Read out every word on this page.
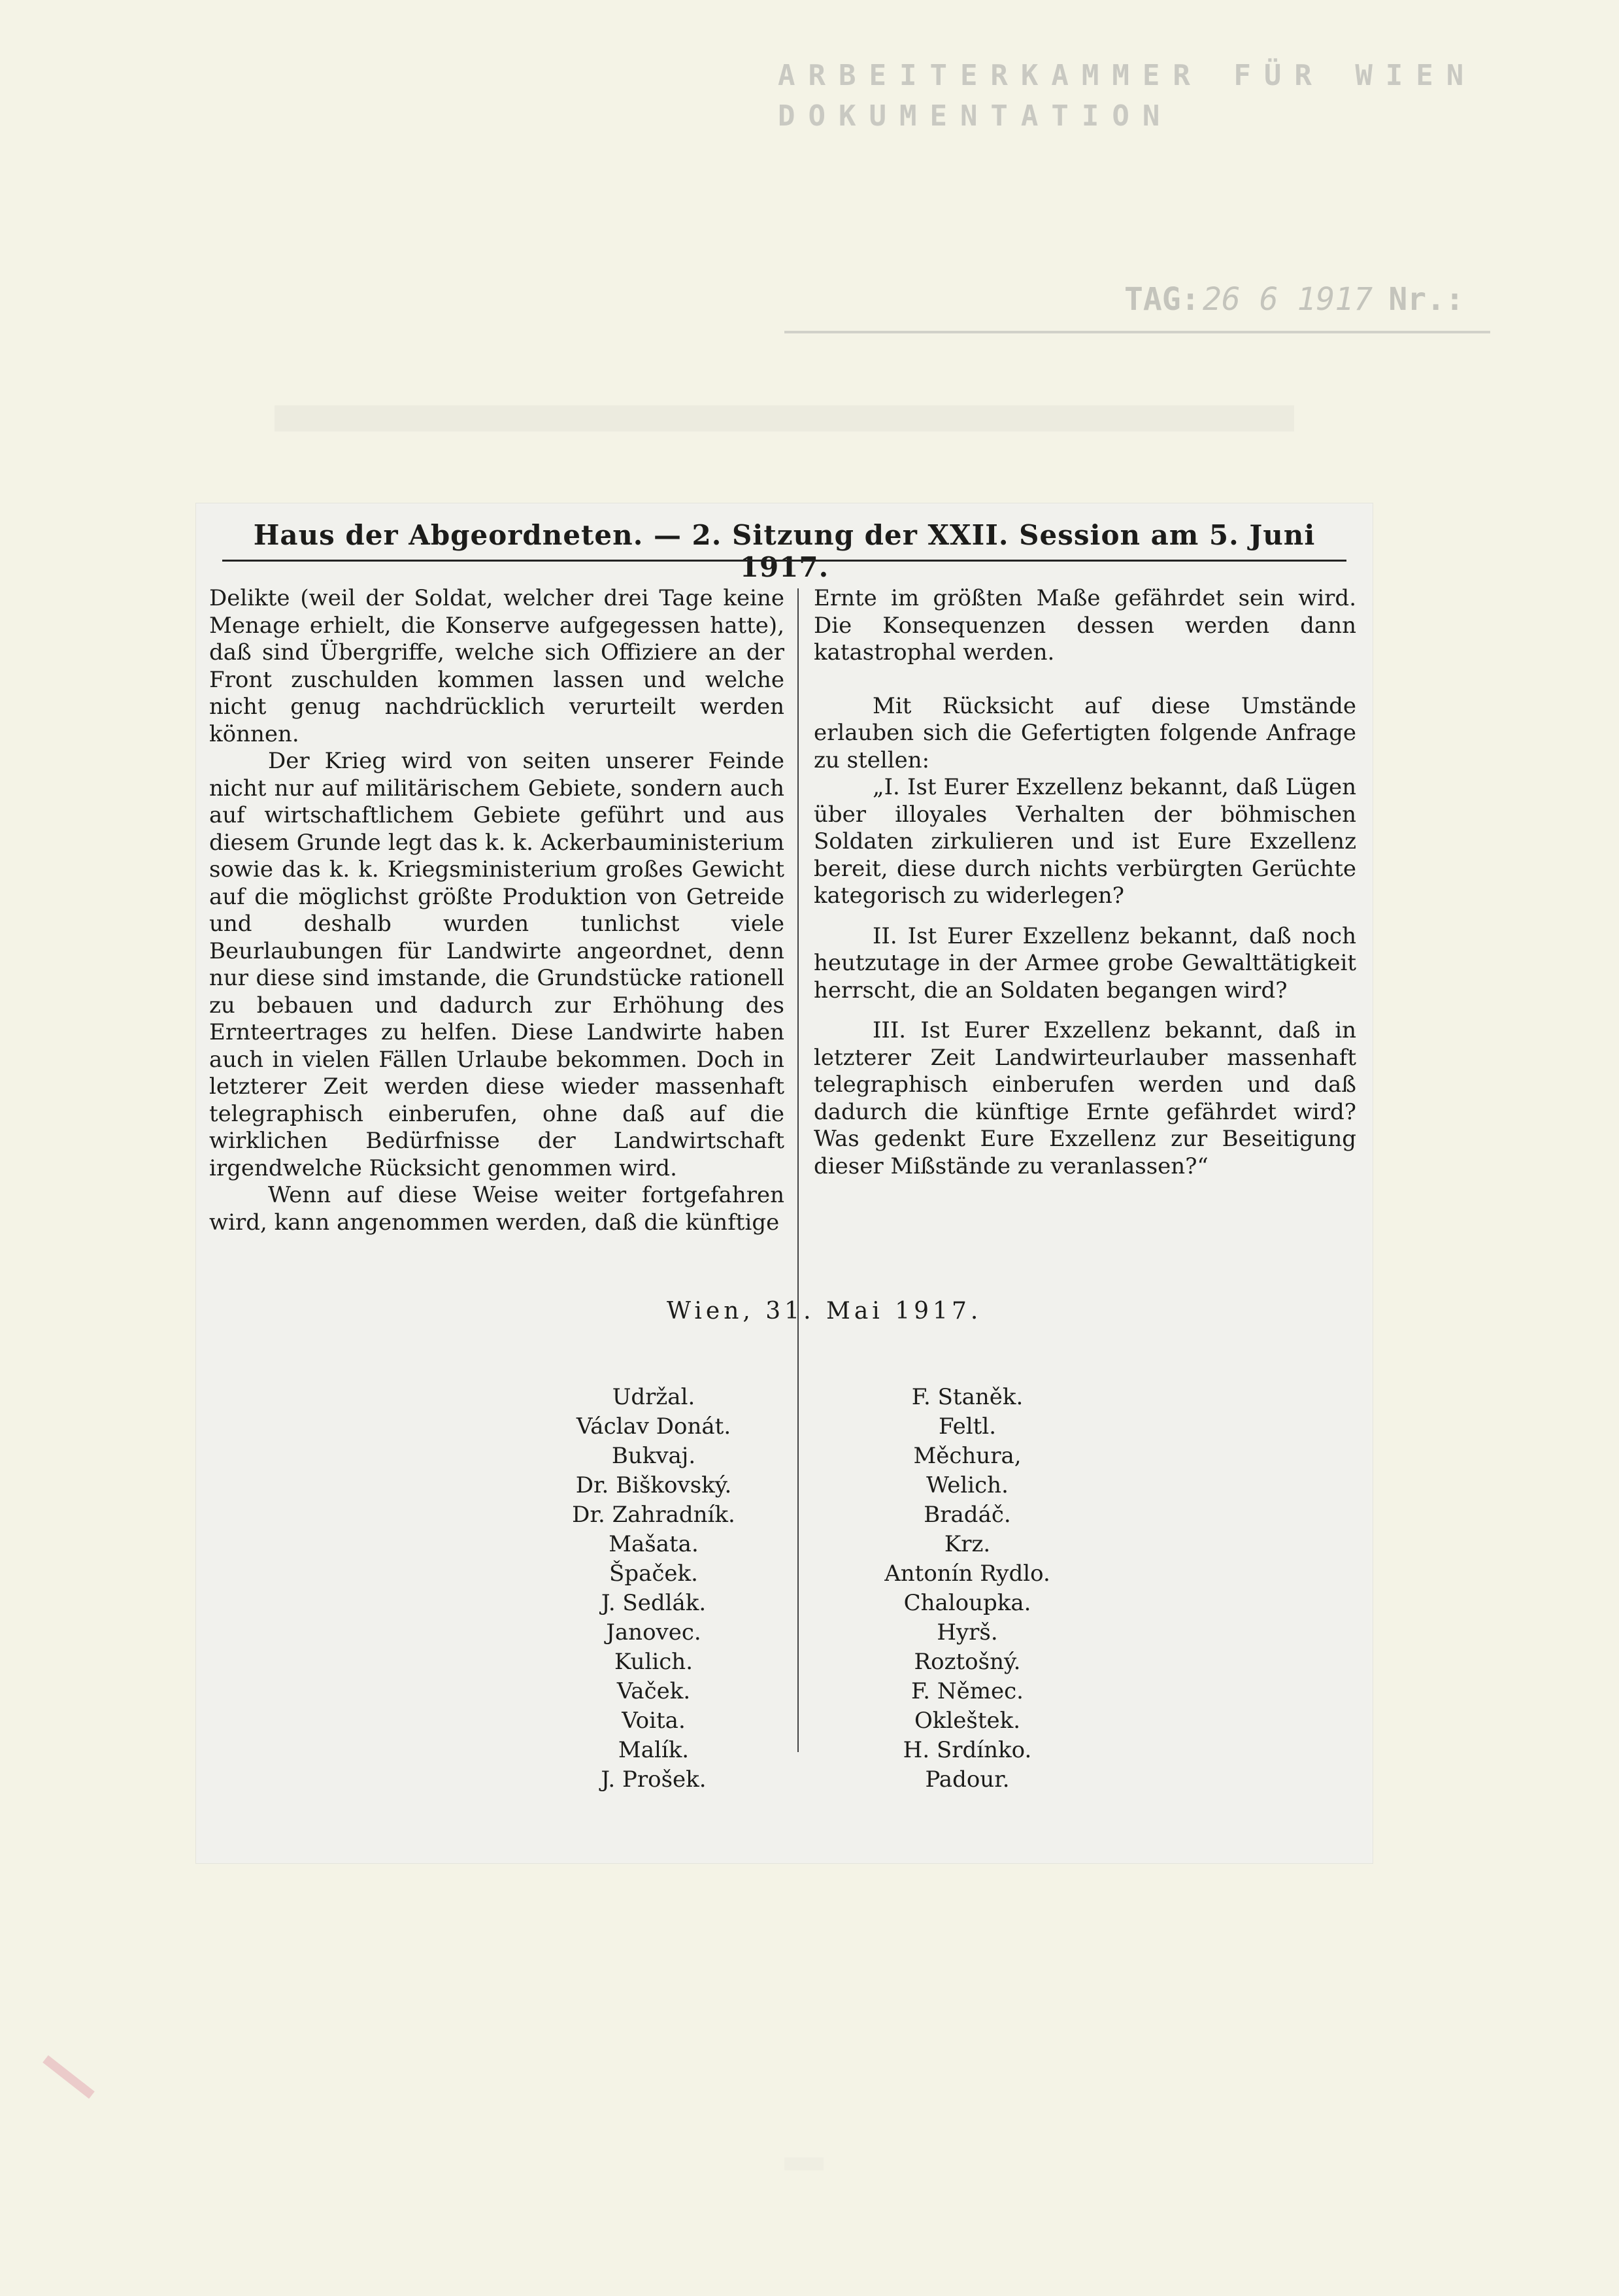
ARBEITERKAMMER FÜR WIEN
DOKUMENTATION
TAG: 26 6 1917 Nr.:
Haus der Abgeordneten. — 2. Sitzung der XXII. Session am 5. Juni 1917.

Delikte (weil der Soldat, welcher drei Tage keine Menage erhielt, die Konserve aufgegessen hatte), daß sind Übergriffe, welche sich Offiziere an der Front zuschulden kommen lassen und welche nicht genug nachdrücklich verurteilt werden können.

Der Krieg wird von seiten unserer Feinde nicht nur auf militärischem Gebiete, sondern auch auf wirtschaftlichem Gebiete geführt und aus diesem Grunde legt das k. k. Ackerbauministerium sowie das k. k. Kriegsministerium großes Gewicht auf die möglichst größte Produktion von Getreide und deshalb wurden tunlichst viele Beurlaubungen für Landwirte angeordnet, denn nur diese sind imstande, die Grundstücke rationell zu bebauen und dadurch zur Erhöhung des Ernteertrages zu helfen. Diese Landwirte haben auch in vielen Fällen Urlaube bekommen. Doch in letzterer Zeit werden diese wieder massenhaft telegraphisch einberufen, ohne daß auf die wirklichen Bedürfnisse der Landwirtschaft irgendwelche Rücksicht genommen wird.

Wenn auf diese Weise weiter fortgefahren wird, kann angenommen werden, daß die künftige

Ernte im größten Maße gefährdet sein wird. Die Konsequenzen dessen werden dann katastrophal werden.

Mit Rücksicht auf diese Umstände erlauben sich die Gefertigten folgende Anfrage zu stellen:

„I. Ist Eurer Exzellenz bekannt, daß Lügen über illoyales Verhalten der böhmischen Soldaten zirkulieren und ist Eure Exzellenz bereit, diese durch nichts verbürgten Gerüchte kategorisch zu widerlegen?

II. Ist Eurer Exzellenz bekannt, daß noch heutzutage in der Armee grobe Gewalttätigkeit herrscht, die an Soldaten begangen wird?

III. Ist Eurer Exzellenz bekannt, daß in letzterer Zeit Landwirteurlauber massenhaft telegraphisch einberufen werden und daß dadurch die künftige Ernte gefährdet wird? Was gedenkt Eure Exzellenz zur Beseitigung dieser Mißstände zu veranlassen?“

Wien, 31. Mai 1917.
Udržal.
Václav Donát.
Bukvaj.
Dr. Biškovský.
Dr. Zahradník.
Mašata.
Špaček.
J. Sedlák.
Janovec.
Kulich.
Vaček.
Voita.
Malík.
J. Prošek.
F. Staněk.
Feltl.
Měchura,
Welich.
Bradáč.
Krz.
Antonín Rydlo.
Chaloupka.
Hyrš.
Roztošný.
F. Němec.
Okleštek.
H. Srdínko.
Padour.
